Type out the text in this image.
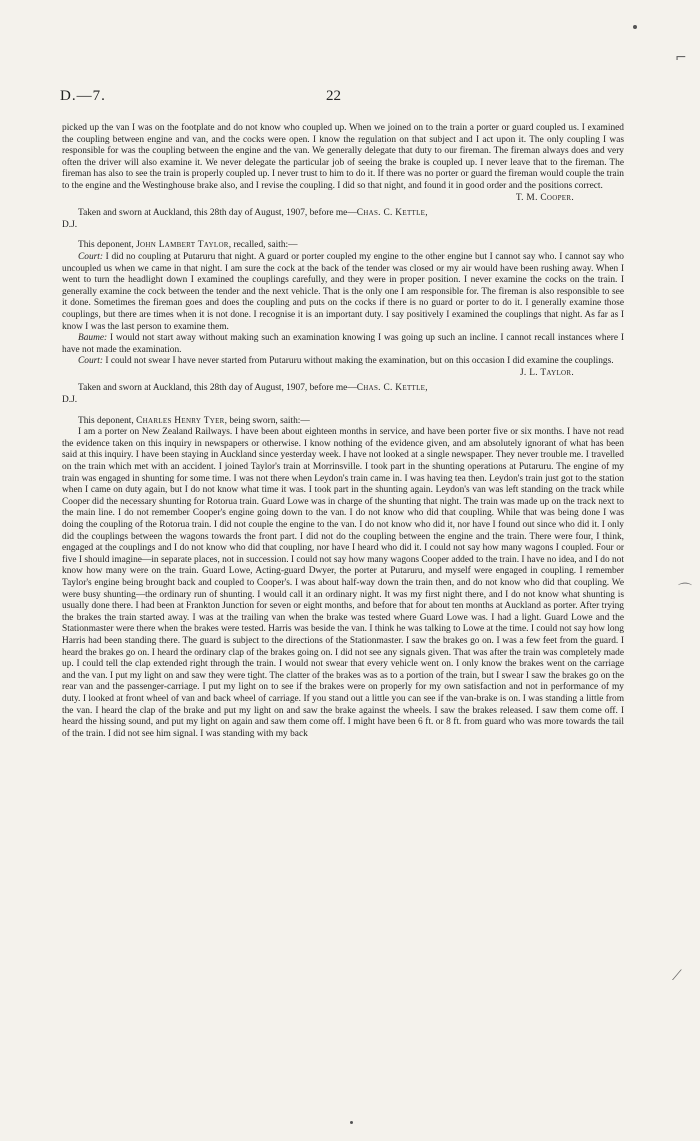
⌐
⌒
⟋
D.—7.	22

picked up the van I was on the footplate and do not know who coupled up. When we joined on to the train a porter or guard coupled us. I examined the coupling between engine and van, and the cocks were open. I know the regulation on that subject and I act upon it. The only coupling I was responsible for was the coupling between the engine and the van. We generally delegate that duty to our fireman. The fireman always does and very often the driver will also examine it. We never delegate the particular job of seeing the brake is coupled up. I never leave that to the fireman. The fireman has also to see the train is properly coupled up. I never trust to him to do it. If there was no porter or guard the fireman would couple the train to the engine and the Westinghouse brake also, and I revise the coupling. I did so that night, and found it in good order and the positions correct.

T. M. Cooper.

Taken and sworn at Auckland, this 28th day of August, 1907, before me—Chas. C. Kettle,

D.J.

This deponent, John Lambert Taylor, recalled, saith:—

Court: I did no coupling at Putaruru that night. A guard or porter coupled my engine to the other engine but I cannot say who. I cannot say who uncoupled us when we came in that night. I am sure the cock at the back of the tender was closed or my air would have been rushing away. When I went to turn the headlight down I examined the couplings carefully, and they were in proper position. I never examine the cocks on the train. I generally examine the cock between the tender and the next vehicle. That is the only one I am responsible for. The fireman is also responsible to see it done. Sometimes the fireman goes and does the coupling and puts on the cocks if there is no guard or porter to do it. I generally examine those couplings, but there are times when it is not done. I recognise it is an important duty. I say positively I examined the couplings that night. As far as I know I was the last person to examine them.

Baume: I would not start away without making such an examination knowing I was going up such an incline. I cannot recall instances where I have not made the examination.

Court: I could not swear I have never started from Putaruru without making the examination, but on this occasion I did examine the couplings.

J. L. Taylor.

Taken and sworn at Auckland, this 28th day of August, 1907, before me—Chas. C. Kettle,

D.J.

This deponent, Charles Henry Tyer, being sworn, saith:—

I am a porter on New Zealand Railways. I have been about eighteen months in service, and have been porter five or six months. I have not read the evidence taken on this inquiry in newspapers or otherwise. I know nothing of the evidence given, and am absolutely ignorant of what has been said at this inquiry. I have been staying in Auckland since yesterday week. I have not looked at a single newspaper. They never trouble me. I travelled on the train which met with an accident. I joined Taylor's train at Morrinsville. I took part in the shunting operations at Putaruru. The engine of my train was engaged in shunting for some time. I was not there when Leydon's train came in. I was having tea then. Leydon's train just got to the station when I came on duty again, but I do not know what time it was. I took part in the shunting again. Leydon's van was left standing on the track while Cooper did the necessary shunting for Rotorua train. Guard Lowe was in charge of the shunting that night. The train was made up on the track next to the main line. I do not remember Cooper's engine going down to the van. I do not know who did that coupling. While that was being done I was doing the coupling of the Rotorua train. I did not couple the engine to the van. I do not know who did it, nor have I found out since who did it. I only did the couplings between the wagons towards the front part. I did not do the coupling between the engine and the train. There were four, I think, engaged at the couplings and I do not know who did that coupling, nor have I heard who did it. I could not say how many wagons I coupled. Four or five I should imagine—in separate places, not in succession. I could not say how many wagons Cooper added to the train. I have no idea, and I do not know how many were on the train. Guard Lowe, Acting-guard Dwyer, the porter at Putaruru, and myself were engaged in coupling. I remember Taylor's engine being brought back and coupled to Cooper's. I was about half-way down the train then, and do not know who did that coupling. We were busy shunting—the ordinary run of shunting. I would call it an ordinary night. It was my first night there, and I do not know what shunting is usually done there. I had been at Frankton Junction for seven or eight months, and before that for about ten months at Auckland as porter. After trying the brakes the train started away. I was at the trailing van when the brake was tested where Guard Lowe was. I had a light. Guard Lowe and the Stationmaster were there when the brakes were tested. Harris was beside the van. I think he was talking to Lowe at the time. I could not say how long Harris had been standing there. The guard is subject to the directions of the Stationmaster. I saw the brakes go on. I was a few feet from the guard. I heard the brakes go on. I heard the ordinary clap of the brakes going on. I did not see any signals given. That was after the train was completely made up. I could tell the clap extended right through the train. I would not swear that every vehicle went on. I only know the brakes went on the carriage and the van. I put my light on and saw they were tight. The clatter of the brakes was as to a portion of the train, but I swear I saw the brakes go on the rear van and the passenger-carriage. I put my light on to see if the brakes were on properly for my own satisfaction and not in performance of my duty. I looked at front wheel of van and back wheel of carriage. If you stand out a little you can see if the van-brake is on. I was standing a little from the van. I heard the clap of the brake and put my light on and saw the brake against the wheels. I saw the brakes released. I saw them come off. I heard the hissing sound, and put my light on again and saw them come off. I might have been 6 ft. or 8 ft. from guard who was more towards the tail of the train. I did not see him signal. I was standing with my back
